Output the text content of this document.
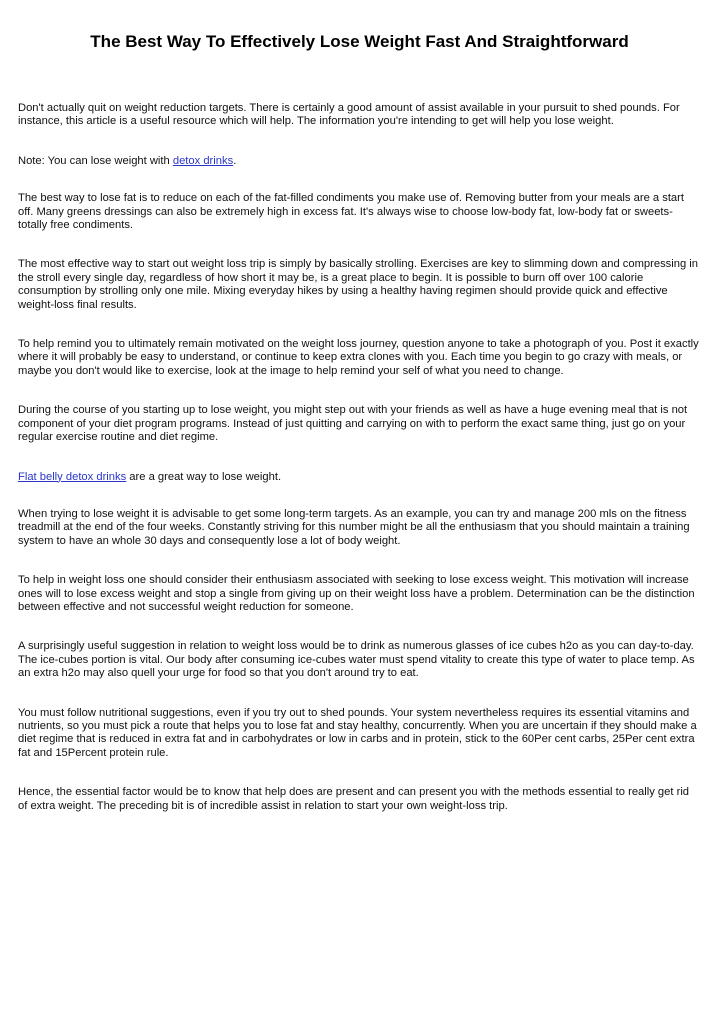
The Best Way To Effectively Lose Weight Fast And Straightforward

Don't actually quit on weight reduction targets. There is certainly a good amount of assist available in your pursuit to shed pounds. For instance, this article is a useful resource which will help. The information you're intending to get will help you lose weight.

Note: You can lose weight with detox drinks.

The best way to lose fat is to reduce on each of the fat-filled condiments you make use of. Removing butter from your meals are a start off. Many greens dressings can also be extremely high in excess fat. It's always wise to choose low-body fat, low-body fat or sweets-totally free condiments.

The most effective way to start out weight loss trip is simply by basically strolling. Exercises are key to slimming down and compressing in the stroll every single day, regardless of how short it may be, is a great place to begin. It is possible to burn off over 100 calorie consumption by strolling only one mile. Mixing everyday hikes by using a healthy having regimen should provide quick and effective weight-loss final results.

To help remind you to ultimately remain motivated on the weight loss journey, question anyone to take a photograph of you. Post it exactly where it will probably be easy to understand, or continue to keep extra clones with you. Each time you begin to go crazy with meals, or maybe you don't would like to exercise, look at the image to help remind your self of what you need to change.

During the course of you starting up to lose weight, you might step out with your friends as well as have a huge evening meal that is not component of your diet program programs. Instead of just quitting and carrying on with to perform the exact same thing, just go on your regular exercise routine and diet regime.

Flat belly detox drinks are a great way to lose weight.

When trying to lose weight it is advisable to get some long-term targets. As an example, you can try and manage 200 mls on the fitness treadmill at the end of the four weeks. Constantly striving for this number might be all the enthusiasm that you should maintain a training system to have an whole 30 days and consequently lose a lot of body weight.

To help in weight loss one should consider their enthusiasm associated with seeking to lose excess weight. This motivation will increase ones will to lose excess weight and stop a single from giving up on their weight loss have a problem. Determination can be the distinction between effective and not successful weight reduction for someone.

A surprisingly useful suggestion in relation to weight loss would be to drink as numerous glasses of ice cubes h2o as you can day-to-day. The ice-cubes portion is vital. Our body after consuming ice-cubes water must spend vitality to create this type of water to place temp. As an extra h2o may also quell your urge for food so that you don't around try to eat.

You must follow nutritional suggestions, even if you try out to shed pounds. Your system nevertheless requires its essential vitamins and nutrients, so you must pick a route that helps you to lose fat and stay healthy, concurrently. When you are uncertain if they should make a diet regime that is reduced in extra fat and in carbohydrates or low in carbs and in protein, stick to the 60Per cent carbs, 25Per cent extra fat and 15Percent protein rule.

Hence, the essential factor would be to know that help does are present and can present you with the methods essential to really get rid of extra weight. The preceding bit is of incredible assist in relation to start your own weight-loss trip.
